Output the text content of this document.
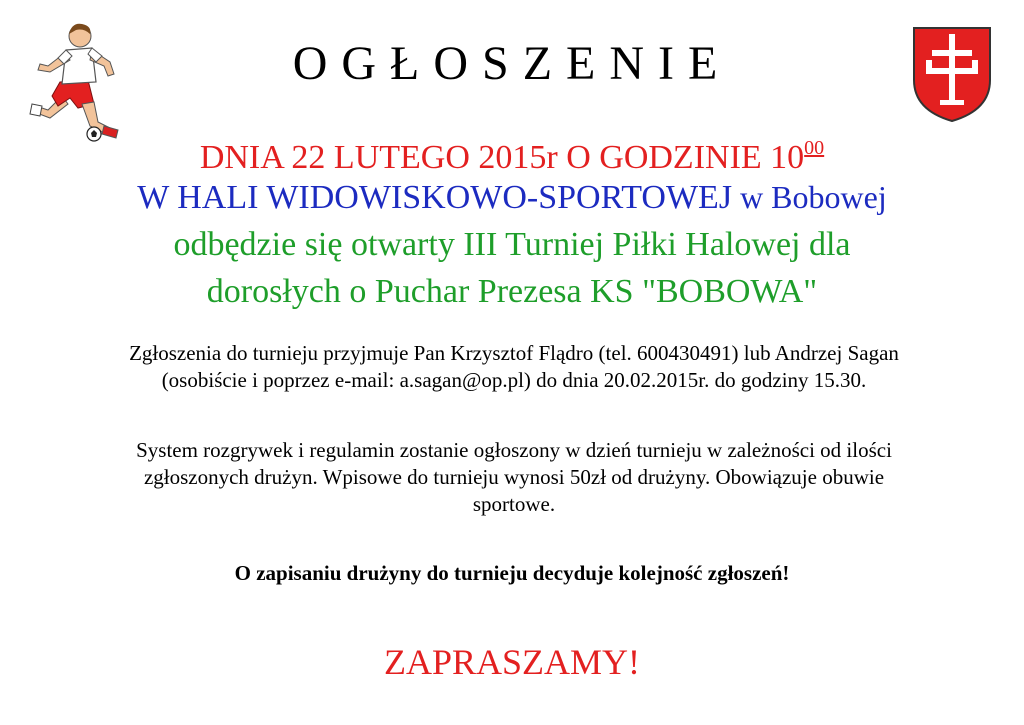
OGŁOSZENIE
DNIA 22 LUTEGO 2015r O GODZINIE $10^{00}$
W HALI WIDOWISKOWO-SPORTOWEJ w Bobowej
odbędzie się otwarty III Turniej Piłki Halowej dla
dorosłych o Puchar Prezesa KS "BOBOWA"
Zgłoszenia do turnieju przyjmuje Pan Krzysztof Flądro (tel. 600430491) lub Andrzej Sagan
(osobiście i poprzez e-mail: a.sagan@op.pl) do dnia 20.02.2015r. do godziny 15.30.
System rozgrywek i regulamin zostanie ogłoszony w dzień turnieju w zależności od ilości
zgłoszonych drużyn. Wpisowe do turnieju wynosi 50zł od drużyny. Obowiązuje obuwie
sportowe.
O zapisaniu drużyny do turnieju decyduje kolejność zgłoszeń!
ZAPRASZAMY!
